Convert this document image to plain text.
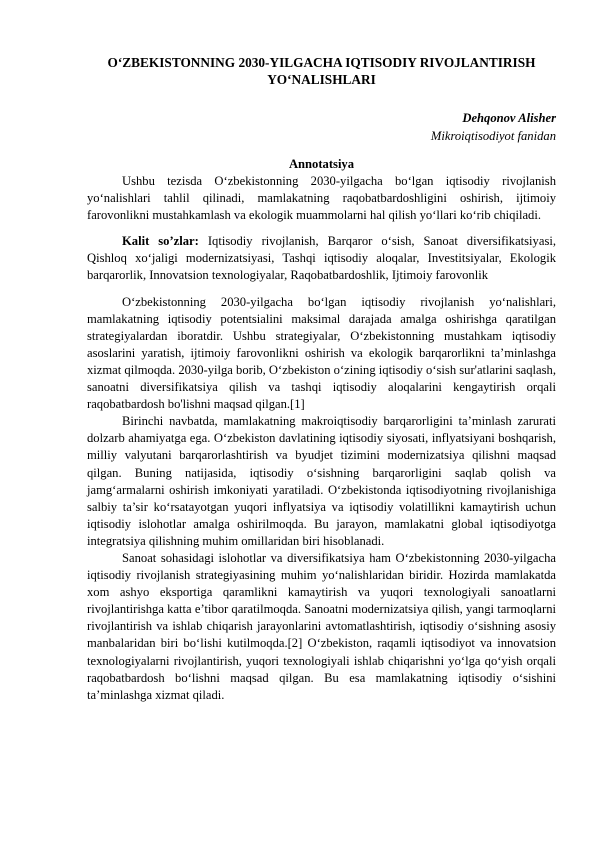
O‘ZBEKISTONNING 2030-YILGACHA IQTISODIY RIVOJLANTIRISH YO‘NALISHLARI
Dehqonov Alisher
Mikroiqtisodiyot fanidan
Annotatsiya

Ushbu tezisda O‘zbekistonning 2030-yilgacha bo‘lgan iqtisodiy rivojlanish yo‘nalishlari tahlil qilinadi, mamlakatning raqobatbardoshligini oshirish, ijtimoiy farovonlikni mustahkamlash va ekologik muammolarni hal qilish yo‘llari ko‘rib chiqiladi.

Kalit so’zlar: Iqtisodiy rivojlanish, Barqaror o‘sish, Sanoat diversifikatsiyasi, Qishloq xo‘jaligi modernizatsiyasi, Tashqi iqtisodiy aloqalar, Investitsiyalar, Ekologik barqarorlik, Innovatsion texnologiyalar, Raqobatbardoshlik, Ijtimoiy farovonlik

O‘zbekistonning 2030-yilgacha bo‘lgan iqtisodiy rivojlanish yo‘nalishlari, mamlakatning iqtisodiy potentsialini maksimal darajada amalga oshirishga qaratilgan strategiyalardan iboratdir. Ushbu strategiyalar, O‘zbekistonning mustahkam iqtisodiy asoslarini yaratish, ijtimoiy farovonlikni oshirish va ekologik barqarorlikni ta’minlashga xizmat qilmoqda. 2030-yilga borib, O‘zbekiston o‘zining iqtisodiy o‘sish sur'atlarini saqlash, sanoatni diversifikatsiya qilish va tashqi iqtisodiy aloqalarini kengaytirish orqali raqobatbardosh bo'lishni maqsad qilgan.[1]

Birinchi navbatda, mamlakatning makroiqtisodiy barqarorligini ta’minlash zarurati dolzarb ahamiyatga ega. O‘zbekiston davlatining iqtisodiy siyosati, inflyatsiyani boshqarish, milliy valyutani barqarorlashtirish va byudjet tizimini modernizatsiya qilishni maqsad qilgan. Buning natijasida, iqtisodiy o‘sishning barqarorligini saqlab qolish va jamg‘armalarni oshirish imkoniyati yaratiladi. O‘zbekistonda iqtisodiyotning rivojlanishiga salbiy ta’sir ko‘rsatayotgan yuqori inflyatsiya va iqtisodiy volatillikni kamaytirish uchun iqtisodiy islohotlar amalga oshirilmoqda. Bu jarayon, mamlakatni global iqtisodiyotga integratsiya qilishning muhim omillaridan biri hisoblanadi.

Sanoat sohasidagi islohotlar va diversifikatsiya ham O‘zbekistonning 2030-yilgacha iqtisodiy rivojlanish strategiyasining muhim yo‘nalishlaridan biridir. Hozirda mamlakatda xom ashyo eksportiga qaramlikni kamaytirish va yuqori texnologiyali sanoatlarni rivojlantirishga katta e’tibor qaratilmoqda. Sanoatni modernizatsiya qilish, yangi tarmoqlarni rivojlantirish va ishlab chiqarish jarayonlarini avtomatlashtirish, iqtisodiy o‘sishning asosiy manbalaridan biri bo‘lishi kutilmoqda.[2] O‘zbekiston, raqamli iqtisodiyot va innovatsion texnologiyalarni rivojlantirish, yuqori texnologiyali ishlab chiqarishni yo‘lga qo‘yish orqali raqobatbardosh bo‘lishni maqsad qilgan. Bu esa mamlakatning iqtisodiy o‘sishini ta’minlashga xizmat qiladi.
